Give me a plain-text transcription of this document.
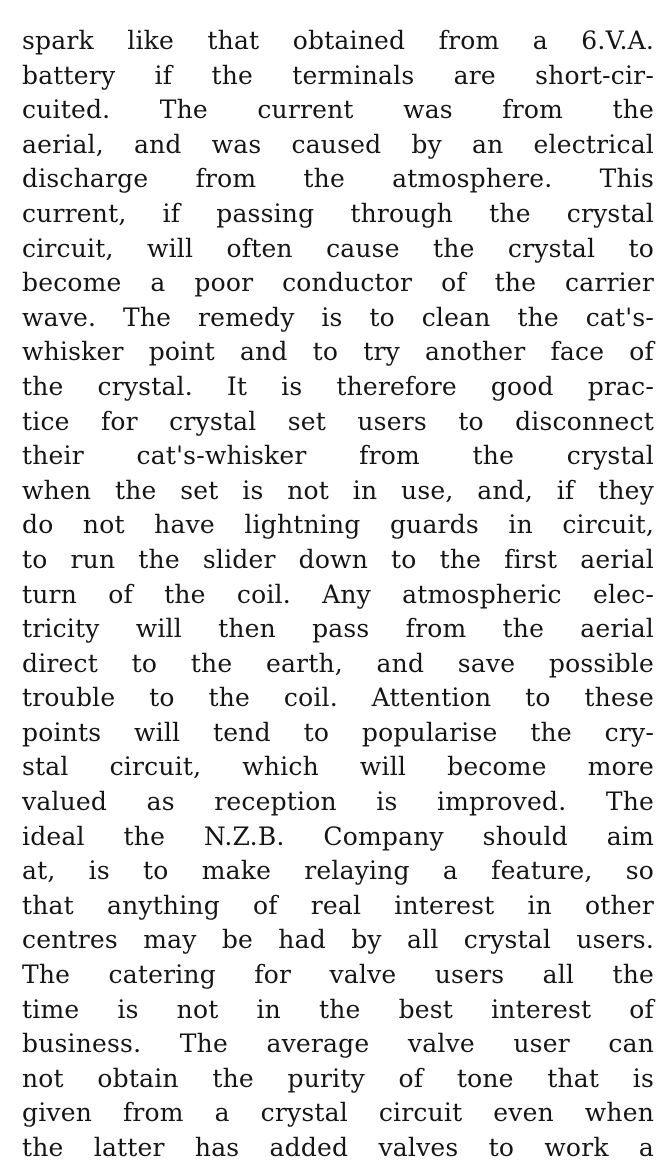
spark like that obtained from a 6.V.A.
battery if the terminals are short-cir-
cuited. The current was from the
aerial, and was caused by an electrical
discharge from the atmosphere. This
current, if passing through the crystal
circuit, will often cause the crystal to
become a poor conductor of the carrier
wave. The remedy is to clean the cat's-
whisker point and to try another face of
the crystal. It is therefore good prac-
tice for crystal set users to disconnect
their cat's-whisker from the crystal
when the set is not in use, and, if they
do not have lightning guards in circuit,
to run the slider down to the first aerial
turn of the coil. Any atmospheric elec-
tricity will then pass from the aerial
direct to the earth, and save possible
trouble to the coil. Attention to these
points will tend to popularise the cry-
stal circuit, which will become more
valued as reception is improved. The
ideal the N.Z.B. Company should aim
at, is to make relaying a feature, so
that anything of real interest in other
centres may be had by all crystal users.
The catering for valve users all the
time is not in the best interest of
business. The average valve user can
not obtain the purity of tone that is
given from a crystal circuit even when
the latter has added valves to work a
